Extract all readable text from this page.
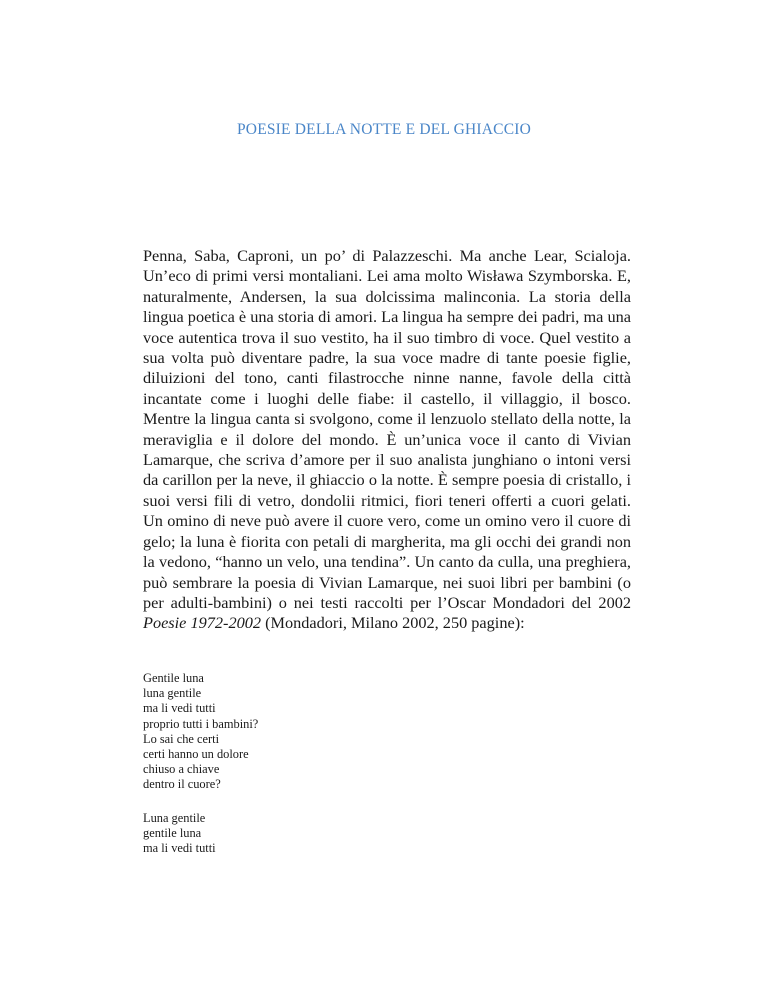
POESIE DELLA NOTTE E DEL GHIACCIO

Penna, Saba, Caproni, un po’ di Palazzeschi. Ma anche Lear, Scialoja. Un’eco di primi versi montaliani. Lei ama molto Wisława Szymborska. E, naturalmente, Andersen, la sua dolcissima malinconia. La storia della lingua poetica è una storia di amori. La lingua ha sempre dei padri, ma una voce autentica trova il suo vestito, ha il suo timbro di voce. Quel vestito a sua volta può diventare padre, la sua voce madre di tante poesie figlie, diluizioni del tono, canti filastrocche ninne nanne, favole della città incantate come i luoghi delle fiabe: il castello, il villaggio, il bosco. Mentre la lingua canta si svolgono, come il lenzuolo stellato della notte, la meraviglia e il dolore del mondo. È un’unica voce il canto di Vivian Lamarque, che scriva d’amore per il suo analista junghiano o intoni versi da carillon per la neve, il ghiaccio o la notte. È sempre poesia di cristallo, i suoi versi fili di vetro, dondolii ritmici, fiori teneri offerti a cuori gelati. Un omino di neve può avere il cuore vero, come un omino vero il cuore di gelo; la luna è fiorita con petali di margherita, ma gli occhi dei grandi non la vedono, “hanno un velo, una tendina”. Un canto da culla, una preghiera, può sembrare la poesia di Vivian Lamarque, nei suoi libri per bambini (o per adulti-bambini) o nei testi raccolti per l’Oscar Mondadori del 2002 Poesie 1972-2002 (Mondadori, Milano 2002, 250 pagine):

Gentile luna
luna gentile
ma li vedi tutti
proprio tutti i bambini?
Lo sai che certi
certi hanno un dolore
chiuso a chiave
dentro il cuore?
Luna gentile
gentile luna
ma li vedi tutti
